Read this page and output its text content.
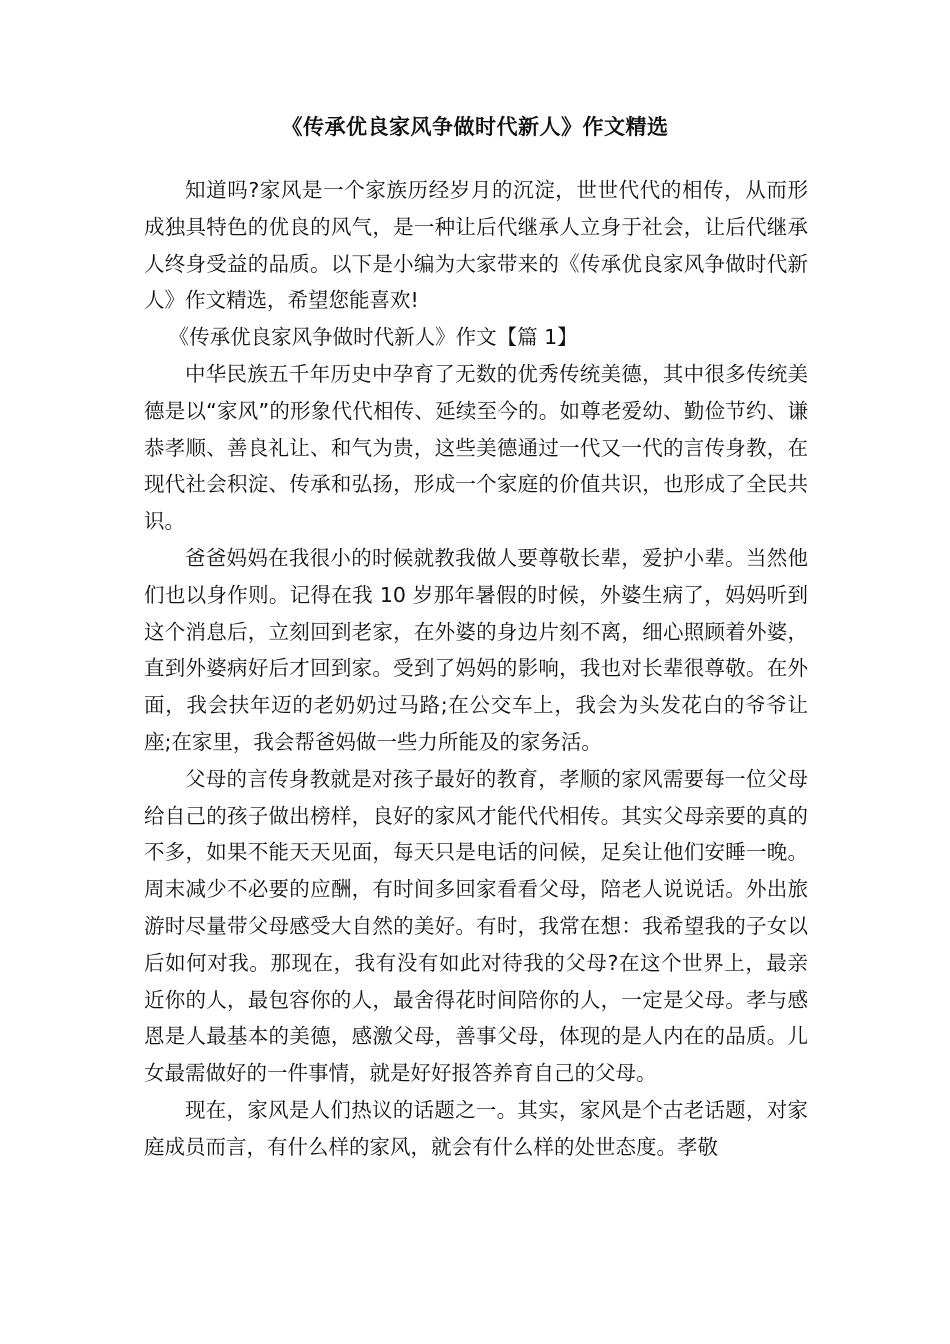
《传承优良家风争做时代新人》作文精选

知道吗?家风是一个家族历经岁月的沉淀，世世代代的相传，从而形成独具特色的优良的风气，是一种让后代继承人立身于社会，让后代继承人终身受益的品质。以下是小编为大家带来的《传承优良家风争做时代新人》作文精选，希望您能喜欢!

《传承优良家风争做时代新人》作文【篇 1】

中华民族五千年历史中孕育了无数的优秀传统美德，其中很多传统美德是以“家风”的形象代代相传、延续至今的。如尊老爱幼、勤俭节约、谦恭孝顺、善良礼让、和气为贵，这些美德通过一代又一代的言传身教，在现代社会积淀、传承和弘扬，形成一个家庭的价值共识，也形成了全民共识。

爸爸妈妈在我很小的时候就教我做人要尊敬长辈，爱护小辈。当然他们也以身作则。记得在我 10 岁那年暑假的时候，外婆生病了，妈妈听到这个消息后，立刻回到老家，在外婆的身边片刻不离，细心照顾着外婆，直到外婆病好后才回到家。受到了妈妈的影响，我也对长辈很尊敬。在外面，我会扶年迈的老奶奶过马路;在公交车上，我会为头发花白的爷爷让座;在家里，我会帮爸妈做一些力所能及的家务活。

父母的言传身教就是对孩子最好的教育，孝顺的家风需要每一位父母给自己的孩子做出榜样，良好的家风才能代代相传。其实父母亲要的真的不多，如果不能天天见面，每天只是电话的问候，足矣让他们安睡一晚。周末减少不必要的应酬，有时间多回家看看父母，陪老人说说话。外出旅游时尽量带父母感受大自然的美好。有时，我常在想：我希望我的子女以后如何对我。那现在，我有没有如此对待我的父母?在这个世界上，最亲近你的人，最包容你的人，最舍得花时间陪你的人，一定是父母。孝与感恩是人最基本的美德，感激父母，善事父母，体现的是人内在的品质。儿女最需做好的一件事情，就是好好报答养育自己的父母。

现在，家风是人们热议的话题之一。其实，家风是个古老话题，对家庭成员而言，有什么样的家风，就会有什么样的处世态度。孝敬
